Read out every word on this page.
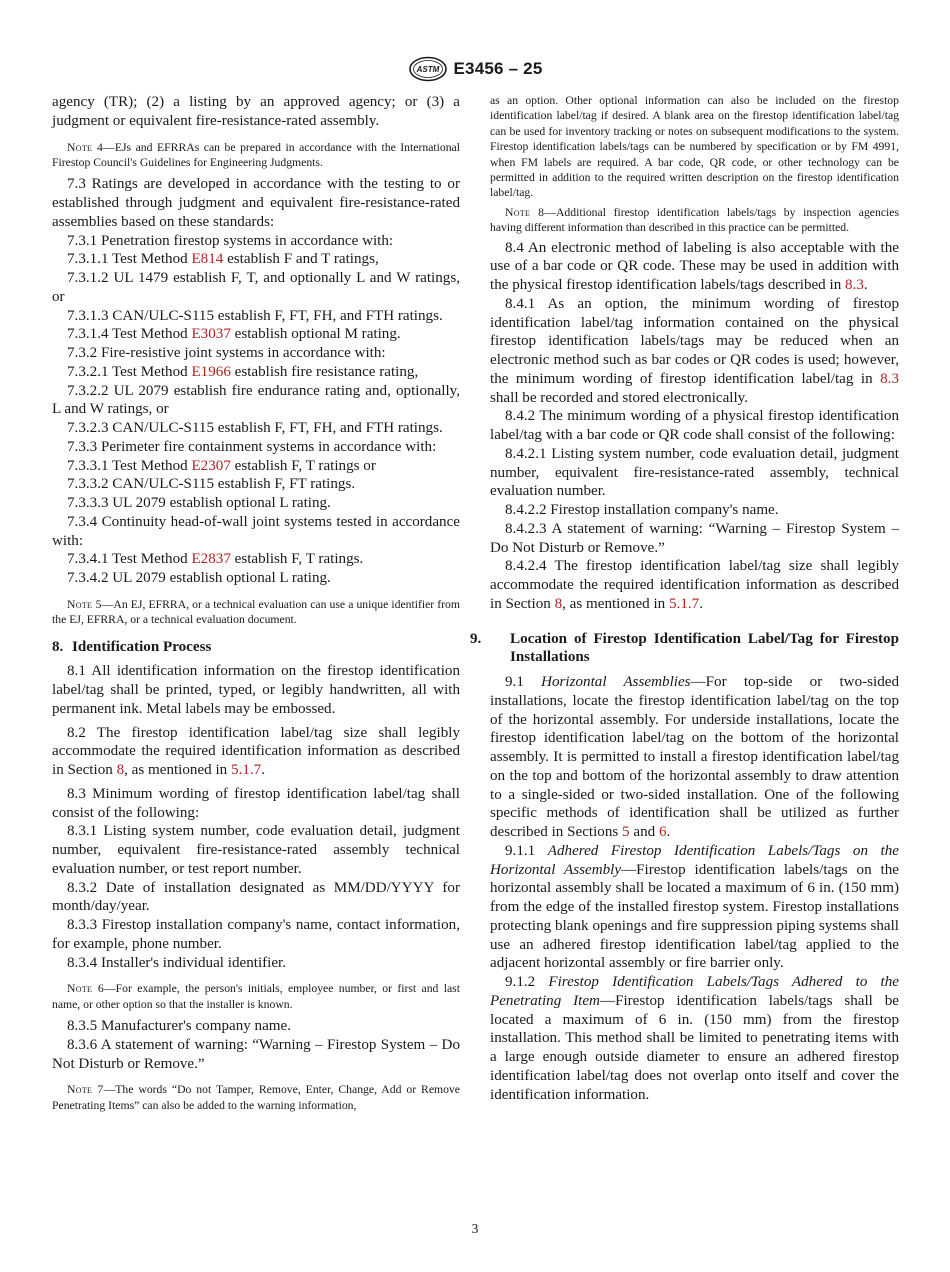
ASTM E3456 – 25

agency (TR); (2) a listing by an approved agency; or (3) a judgment or equivalent fire-resistance-rated assembly.

Note 4—EJs and EFRRAs can be prepared in accordance with the International Firestop Council's Guidelines for Engineering Judgments.

7.3 Ratings are developed in accordance with the testing to or established through judgment and equivalent fire-resistance-rated assemblies based on these standards:

7.3.1 Penetration firestop systems in accordance with:

7.3.1.1 Test Method E814 establish F and T ratings,

7.3.1.2 UL 1479 establish F, T, and optionally L and W ratings, or

7.3.1.3 CAN/ULC-S115 establish F, FT, FH, and FTH ratings.

7.3.1.4 Test Method E3037 establish optional M rating.

7.3.2 Fire-resistive joint systems in accordance with:

7.3.2.1 Test Method E1966 establish fire resistance rating,

7.3.2.2 UL 2079 establish fire endurance rating and, optionally, L and W ratings, or

7.3.2.3 CAN/ULC-S115 establish F, FT, FH, and FTH ratings.

7.3.3 Perimeter fire containment systems in accordance with:

7.3.3.1 Test Method E2307 establish F, T ratings or

7.3.3.2 CAN/ULC-S115 establish F, FT ratings.

7.3.3.3 UL 2079 establish optional L rating.

7.3.4 Continuity head-of-wall joint systems tested in accordance with:

7.3.4.1 Test Method E2837 establish F, T ratings.

7.3.4.2 UL 2079 establish optional L rating.

Note 5—An EJ, EFRRA, or a technical evaluation can use a unique identifier from the EJ, EFRRA, or a technical evaluation document.

8. Identification Process

8.1 All identification information on the firestop identification label/tag shall be printed, typed, or legibly handwritten, all with permanent ink. Metal labels may be embossed.

8.2 The firestop identification label/tag size shall legibly accommodate the required identification information as described in Section 8, as mentioned in 5.1.7.

8.3 Minimum wording of firestop identification label/tag shall consist of the following:

8.3.1 Listing system number, code evaluation detail, judgment number, equivalent fire-resistance-rated assembly technical evaluation number, or test report number.

8.3.2 Date of installation designated as MM/DD/YYYY for month/day/year.

8.3.3 Firestop installation company's name, contact information, for example, phone number.

8.3.4 Installer's individual identifier.

Note 6—For example, the person's initials, employee number, or first and last name, or other option so that the installer is known.

8.3.5 Manufacturer's company name.

8.3.6 A statement of warning: “Warning – Firestop System – Do Not Disturb or Remove.”

Note 7—The words “Do not Tamper, Remove, Enter, Change, Add or Remove Penetrating Items” can also be added to the warning information,

as an option. Other optional information can also be included on the firestop identification label/tag if desired. A blank area on the firestop identification label/tag can be used for inventory tracking or notes on subsequent modifications to the system. Firestop identification labels/tags can be numbered by specification or by FM 4991, when FM labels are required. A bar code, QR code, or other technology can be permitted in addition to the required written description on the firestop identification label/tag.

Note 8—Additional firestop identification labels/tags by inspection agencies having different information than described in this practice can be permitted.

8.4 An electronic method of labeling is also acceptable with the use of a bar code or QR code. These may be used in addition with the physical firestop identification labels/tags described in 8.3.

8.4.1 As an option, the minimum wording of firestop identification label/tag information contained on the physical firestop identification labels/tags may be reduced when an electronic method such as bar codes or QR codes is used; however, the minimum wording of firestop identification label/tag in 8.3 shall be recorded and stored electronically.

8.4.2 The minimum wording of a physical firestop identification label/tag with a bar code or QR code shall consist of the following:

8.4.2.1 Listing system number, code evaluation detail, judgment number, equivalent fire-resistance-rated assembly, technical evaluation number.

8.4.2.2 Firestop installation company's name.

8.4.2.3 A statement of warning: “Warning – Firestop System – Do Not Disturb or Remove.”

8.4.2.4 The firestop identification label/tag size shall legibly accommodate the required identification information as described in Section 8, as mentioned in 5.1.7.

9. Location of Firestop Identification Label/Tag for Firestop Installations

9.1 Horizontal Assemblies—For top-side or two-sided installations, locate the firestop identification label/tag on the top of the horizontal assembly. For underside installations, locate the firestop identification label/tag on the bottom of the horizontal assembly. It is permitted to install a firestop identification label/tag on the top and bottom of the horizontal assembly to draw attention to a single-sided or two-sided installation. One of the following specific methods of identification shall be utilized as further described in Sections 5 and 6.

9.1.1 Adhered Firestop Identification Labels/Tags on the Horizontal Assembly—Firestop identification labels/tags on the horizontal assembly shall be located a maximum of 6 in. (150 mm) from the edge of the installed firestop system. Firestop installations protecting blank openings and fire suppression piping systems shall use an adhered firestop identification label/tag applied to the adjacent horizontal assembly or fire barrier only.

9.1.2 Firestop Identification Labels/Tags Adhered to the Penetrating Item—Firestop identification labels/tags shall be located a maximum of 6 in. (150 mm) from the firestop installation. This method shall be limited to penetrating items with a large enough outside diameter to ensure an adhered firestop identification label/tag does not overlap onto itself and cover the identification information.

3
